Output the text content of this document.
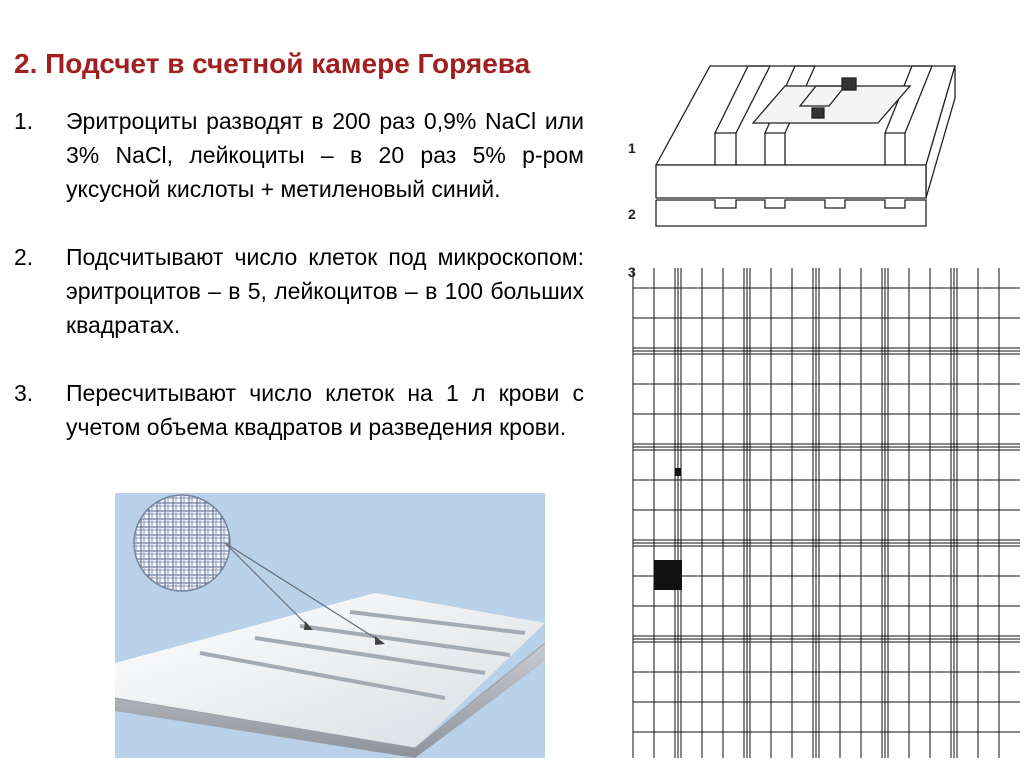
2. Подсчет в счетной камере Горяева
1. Эритроциты разводят в 200 раз 0,9% NaCl или 3% NaCl, лейкоциты – в 20 раз 5% р-ром уксусной кислоты + метиленовый синий.
2. Подсчитывают число клеток под микроскопом: эритроцитов – в 5, лейкоцитов – в 100 больших квадратах.
3. Пересчитывают число клеток на 1 л крови с учетом объема квадратов и разведения крови.
1
2
3
